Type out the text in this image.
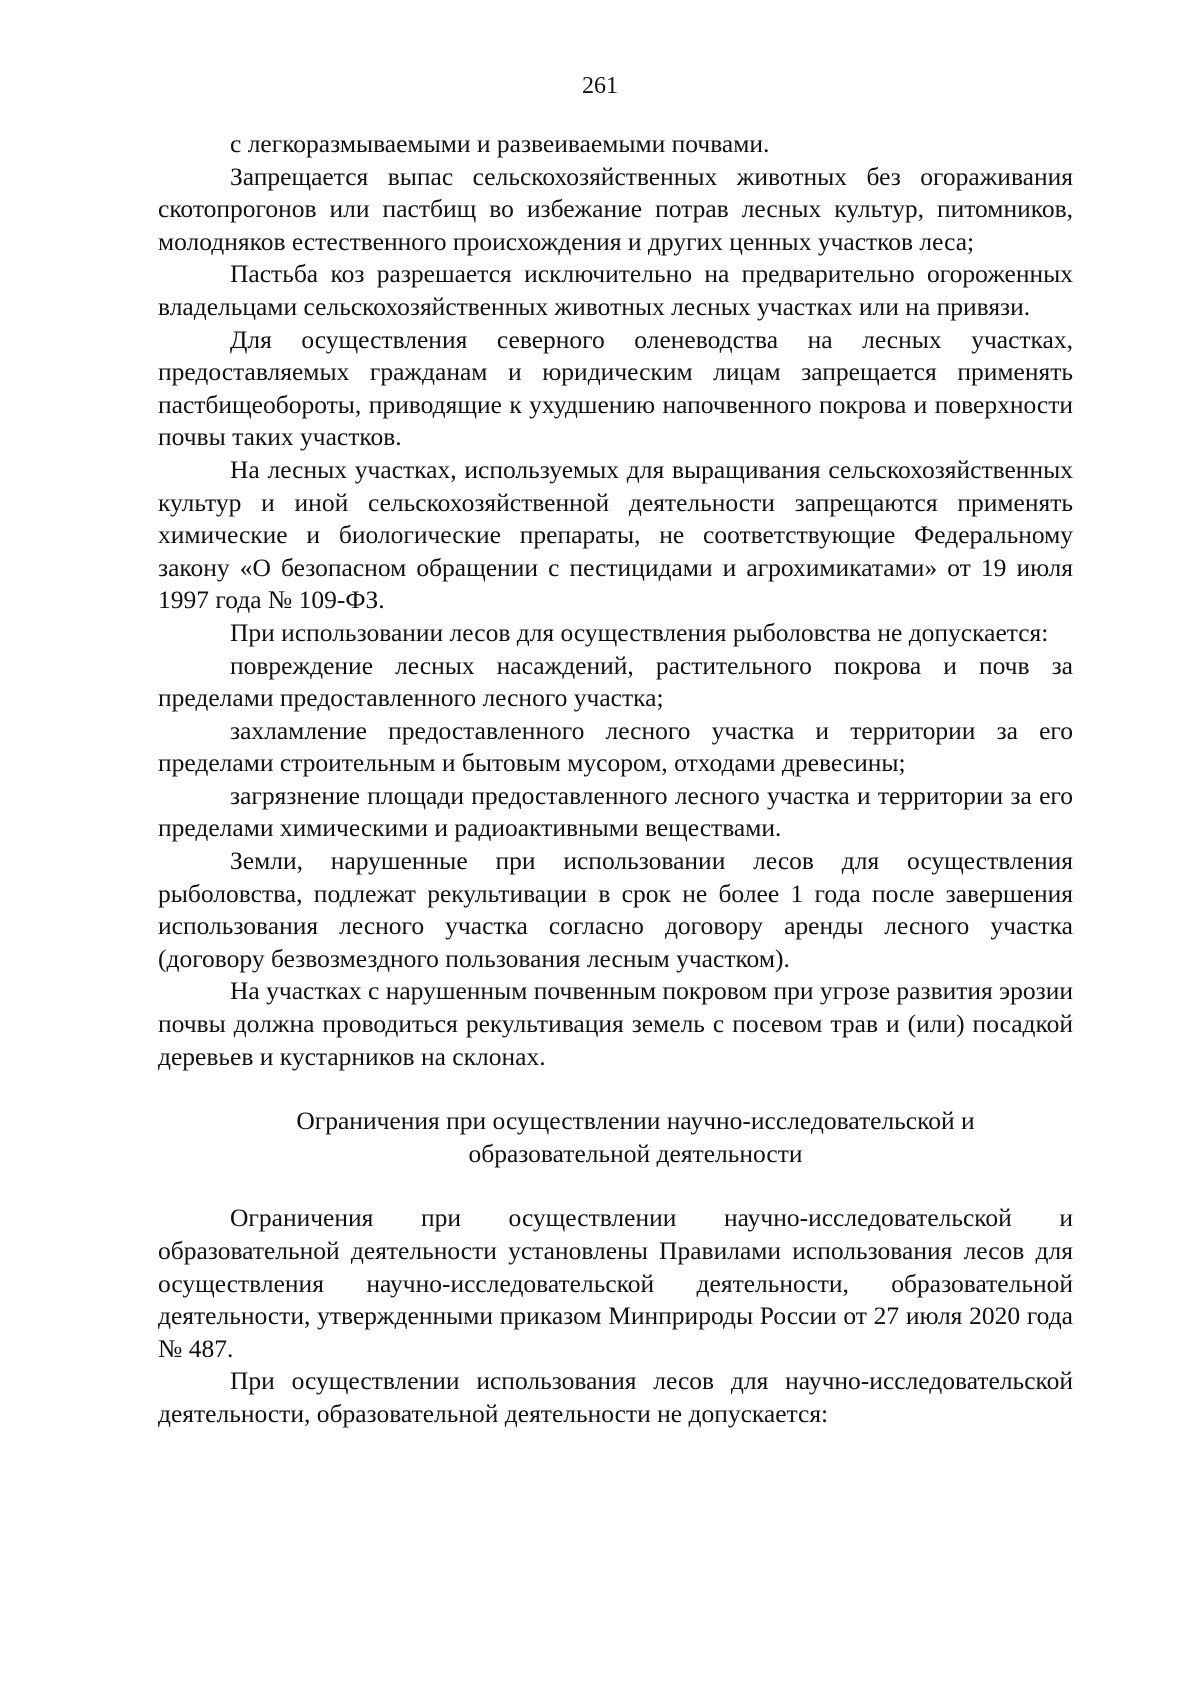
261

с легкоразмываемыми и развеиваемыми почвами.

Запрещается выпас сельскохозяйственных животных без огораживания скотопрогонов или пастбищ во избежание потрав лесных культур, питомников, молодняков естественного происхождения и других ценных участков леса;

Пастьба коз разрешается исключительно на предварительно огороженных владельцами сельскохозяйственных животных лесных участках или на привязи.

Для осуществления северного оленеводства на лесных участках, предоставляемых гражданам и юридическим лицам запрещается применять пастбищеобороты, приводящие к ухудшению напочвенного покрова и поверхности почвы таких участков.

На лесных участках, используемых для выращивания сельскохозяйственных культур и иной сельскохозяйственной деятельности запрещаются применять химические и биологические препараты, не соответствующие Федеральному закону «О безопасном обращении с пестицидами и агрохимикатами» от 19 июля 1997 года № 109-ФЗ.

При использовании лесов для осуществления рыболовства не допускается:

повреждение лесных насаждений, растительного покрова и почв за пределами предоставленного лесного участка;

захламление предоставленного лесного участка и территории за его пределами строительным и бытовым мусором, отходами древесины;

загрязнение площади предоставленного лесного участка и территории за его пределами химическими и радиоактивными веществами.

Земли, нарушенные при использовании лесов для осуществления рыболовства, подлежат рекультивации в срок не более 1 года после завершения использования лесного участка согласно договору аренды лесного участка (договору безвозмездного пользования лесным участком).

На участках с нарушенным почвенным покровом при угрозе развития эрозии почвы должна проводиться рекультивация земель с посевом трав и (или) посадкой деревьев и кустарников на склонах.

Ограничения при осуществлении научно-исследовательской и
образовательной деятельности

Ограничения при осуществлении научно-исследовательской и образовательной деятельности установлены Правилами использования лесов для осуществления научно-исследовательской деятельности, образовательной деятельности, утвержденными приказом Минприроды России от 27 июля 2020 года № 487.

При осуществлении использования лесов для научно-исследовательской деятельности, образовательной деятельности не допускается:
